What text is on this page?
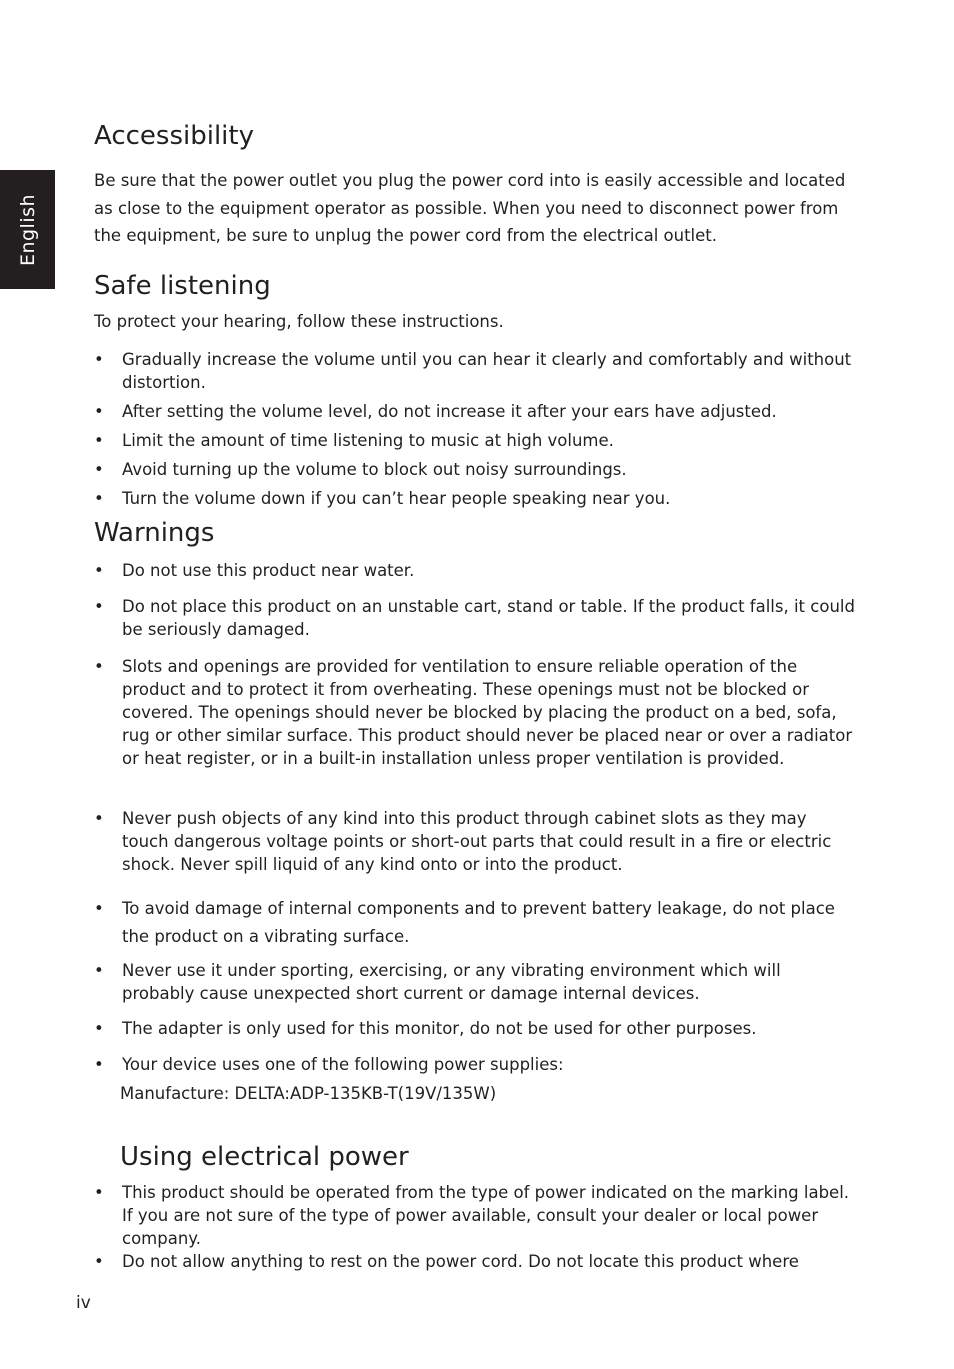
English
Accessibility

Be sure that the power outlet you plug the power cord into is easily accessible and located as close to the equipment operator as possible. When you need to disconnect power from the equipment, be sure to unplug the power cord from the electrical outlet.

Safe listening

To protect your hearing, follow these instructions.

• Gradually increase the volume until you can hear it clearly and comfortably and without distortion.
• After setting the volume level, do not increase it after your ears have adjusted.
• Limit the amount of time listening to music at high volume.
• Avoid turning up the volume to block out noisy surroundings.
• Turn the volume down if you can’t hear people speaking near you.
Warnings
• Do not use this product near water.
• Do not place this product on an unstable cart, stand or table. If the product falls, it could be seriously damaged.
• Slots and openings are provided for ventilation to ensure reliable operation of the product and to protect it from overheating. These openings must not be blocked or covered. The openings should never be blocked by placing the product on a bed, sofa, rug or other similar surface. This product should never be placed near or over a radiator or heat register, or in a built-in installation unless proper ventilation is provided.
• Never push objects of any kind into this product through cabinet slots as they may touch dangerous voltage points or short-out parts that could result in a fire or electric shock. Never spill liquid of any kind onto or into the product.
• To avoid damage of internal components and to prevent battery leakage, do not place the product on a vibrating surface.
• Never use it under sporting, exercising, or any vibrating environment which will probably cause unexpected short current or damage internal devices.
• The adapter is only used for this monitor, do not be used for other purposes.
• Your device uses one of the following power supplies:
Manufacture: DELTA:ADP-135KB-T(19V/135W)
Using electrical power
• This product should be operated from the type of power indicated on the marking label. If you are not sure of the type of power available, consult your dealer or local power company.
• Do not allow anything to rest on the power cord. Do not locate this product where
iv
